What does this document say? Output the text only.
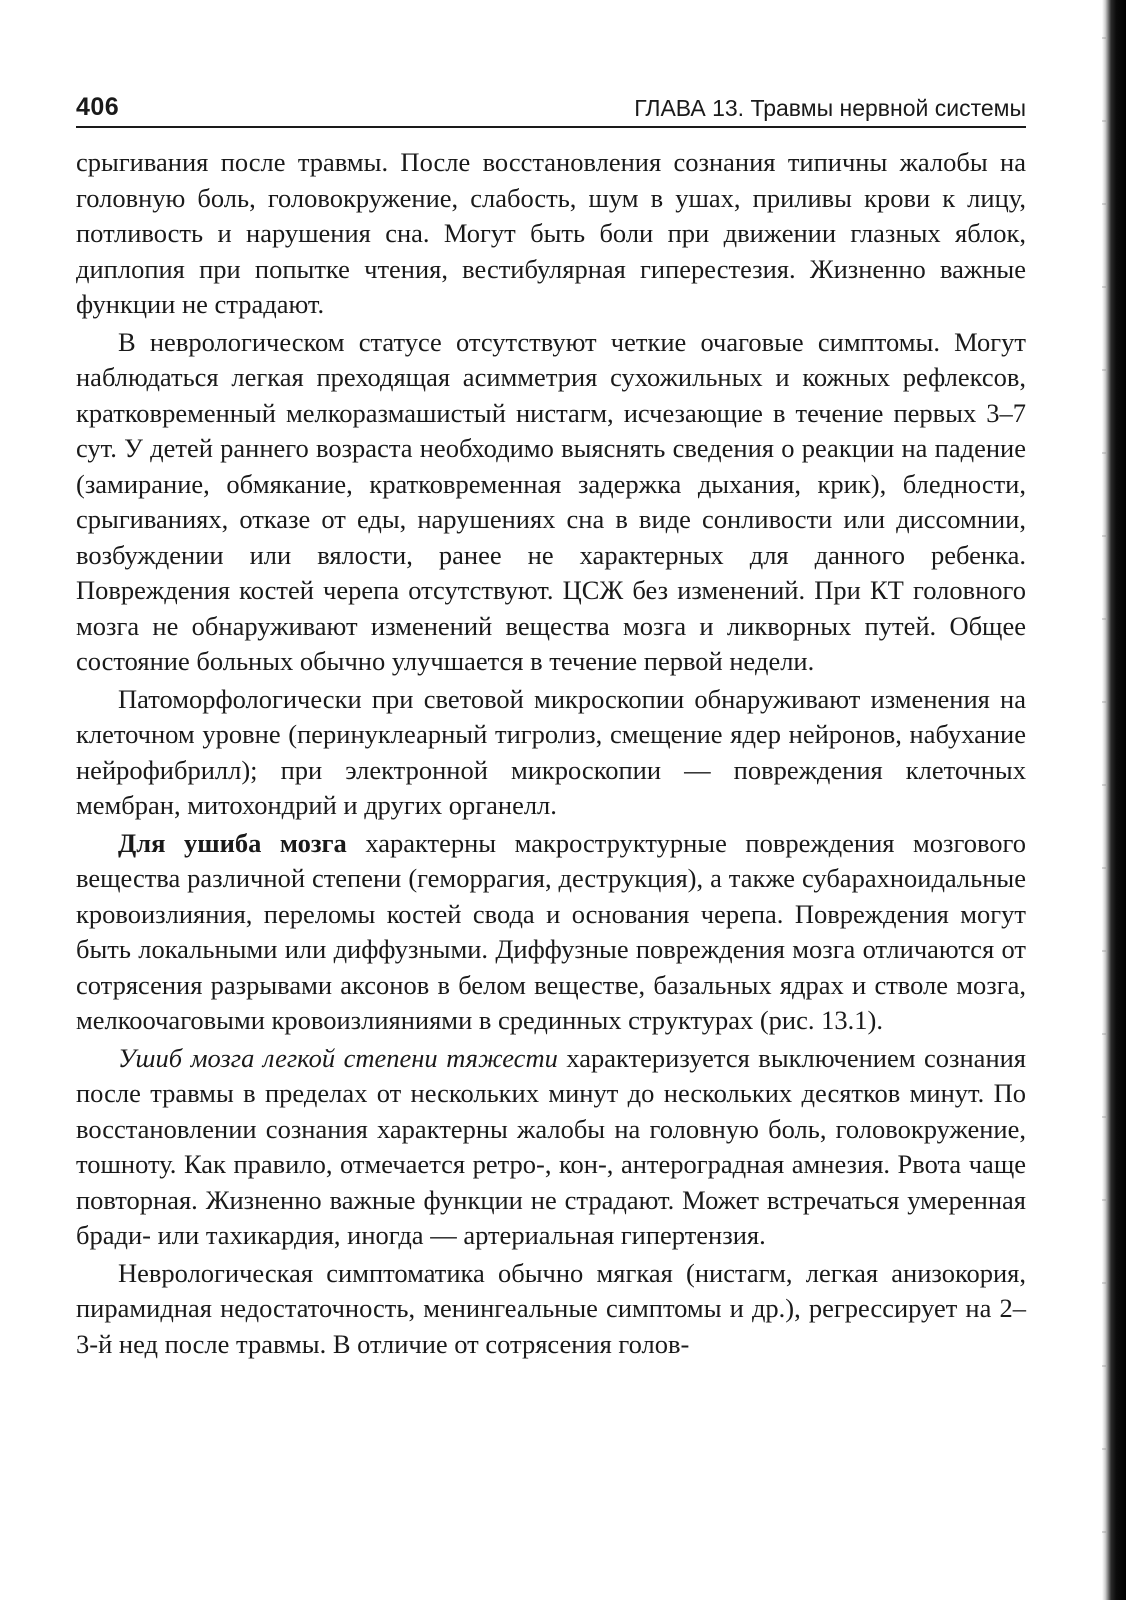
406	ГЛАВА 13. Травмы нервной системы

срыгивания после травмы. После восстановления сознания типичны жалобы на головную боль, головокружение, слабость, шум в ушах, приливы крови к лицу, потливость и нарушения сна. Могут быть боли при движении глазных яблок, диплопия при попытке чтения, вестибулярная гиперестезия. Жизненно важные функции не страдают.

В неврологическом статусе отсутствуют четкие очаговые симптомы. Могут наблюдаться легкая преходящая асимметрия сухожильных и кожных рефлексов, кратковременный мелкоразмашистый нистагм, исчезающие в течение первых 3–7 сут. У детей раннего возраста необходимо выяснять сведения о реакции на падение (замирание, обмякание, кратковременная задержка дыхания, крик), бледности, срыгиваниях, отказе от еды, нарушениях сна в виде сонливости или диссомнии, возбуждении или вялости, ранее не характерных для данного ребенка. Повреждения костей черепа отсутствуют. ЦСЖ без изменений. При КТ головного мозга не обнаруживают изменений вещества мозга и ликворных путей. Общее состояние больных обычно улучшается в течение первой недели.

Патоморфологически при световой микроскопии обнаруживают изменения на клеточном уровне (перинуклеарный тигролиз, смещение ядер нейронов, набухание нейрофибрилл); при электронной микроскопии — повреждения клеточных мембран, митохондрий и других органелл.

Для ушиба мозга характерны макроструктурные повреждения мозгового вещества различной степени (геморрагия, деструкция), а также субарахноидальные кровоизлияния, переломы костей свода и основания черепа. Повреждения могут быть локальными или диффузными. Диффузные повреждения мозга отличаются от сотрясения разрывами аксонов в белом веществе, базальных ядрах и стволе мозга, мелкоочаговыми кровоизлияниями в срединных структурах (рис. 13.1).

Ушиб мозга легкой степени тяжести характеризуется выключением сознания после травмы в пределах от нескольких минут до нескольких десятков минут. По восстановлении сознания характерны жалобы на головную боль, головокружение, тошноту. Как правило, отмечается ретро-, кон-, антероградная амнезия. Рвота чаще повторная. Жизненно важные функции не страдают. Может встречаться умеренная бради- или тахикардия, иногда — артериальная гипертензия.

Неврологическая симптоматика обычно мягкая (нистагм, легкая анизокория, пирамидная недостаточность, менингеальные симптомы и др.), регрессирует на 2–3-й нед после травмы. В отличие от сотрясения голов-
